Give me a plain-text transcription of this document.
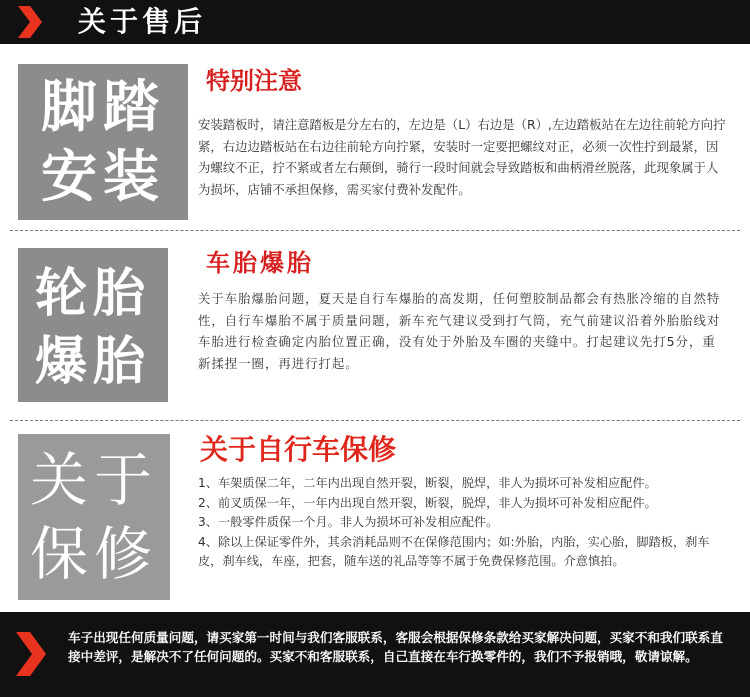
关于售后
脚踏
安装
特别注意
安装踏板时，请注意踏板是分左右的，左边是（L）右边是（R）,左边踏板站在左边往前轮方向拧紧，右边边踏板站在右边往前轮方向拧紧，安装时一定要把螺纹对正，必须一次性拧到最紧，因为螺纹不正，拧不紧或者左右颠倒，骑行一段时间就会导致踏板和曲柄滑丝脱落，此现象属于人为损坏，店铺不承担保修，需买家付费补发配件。
轮胎
爆胎
车胎爆胎
关于车胎爆胎问题，夏天是自行车爆胎的高发期，任何塑胶制品都会有热胀冷缩的自然特性，自行车爆胎不属于质量问题，新车充气建议受到打气筒，充气前建议沿着外胎胎线对车胎进行检查确定内胎位置正确，没有处于外胎及车圈的夹缝中。打起建议先打5分，重新揉捏一圈，再进行打起。
关于
保修
关于自行车保修

1、车架质保二年，二年内出现自然开裂，断裂，脱焊，非人为损坏可补发相应配件。

2、前叉质保一年，一年内出现自然开裂，断裂，脱焊，非人为损坏可补发相应配件。

3、一般零件质保一个月。非人为损坏可补发相应配件。

4、除以上保证零件外，其余消耗品则不在保修范围内；如:外胎，内胎，实心胎，脚踏板，刹车皮，刹车线，车座，把套，随车送的礼品等等不属于免费保修范围。介意慎拍。

车子出现任何质量问题，请买家第一时间与我们客服联系，客服会根据保修条款给买家解决问题，买家不和我们联系直接中差评，是解决不了任何问题的。买家不和客服联系，自己直接在车行换零件的，我们不予报销哦，敬请谅解。
